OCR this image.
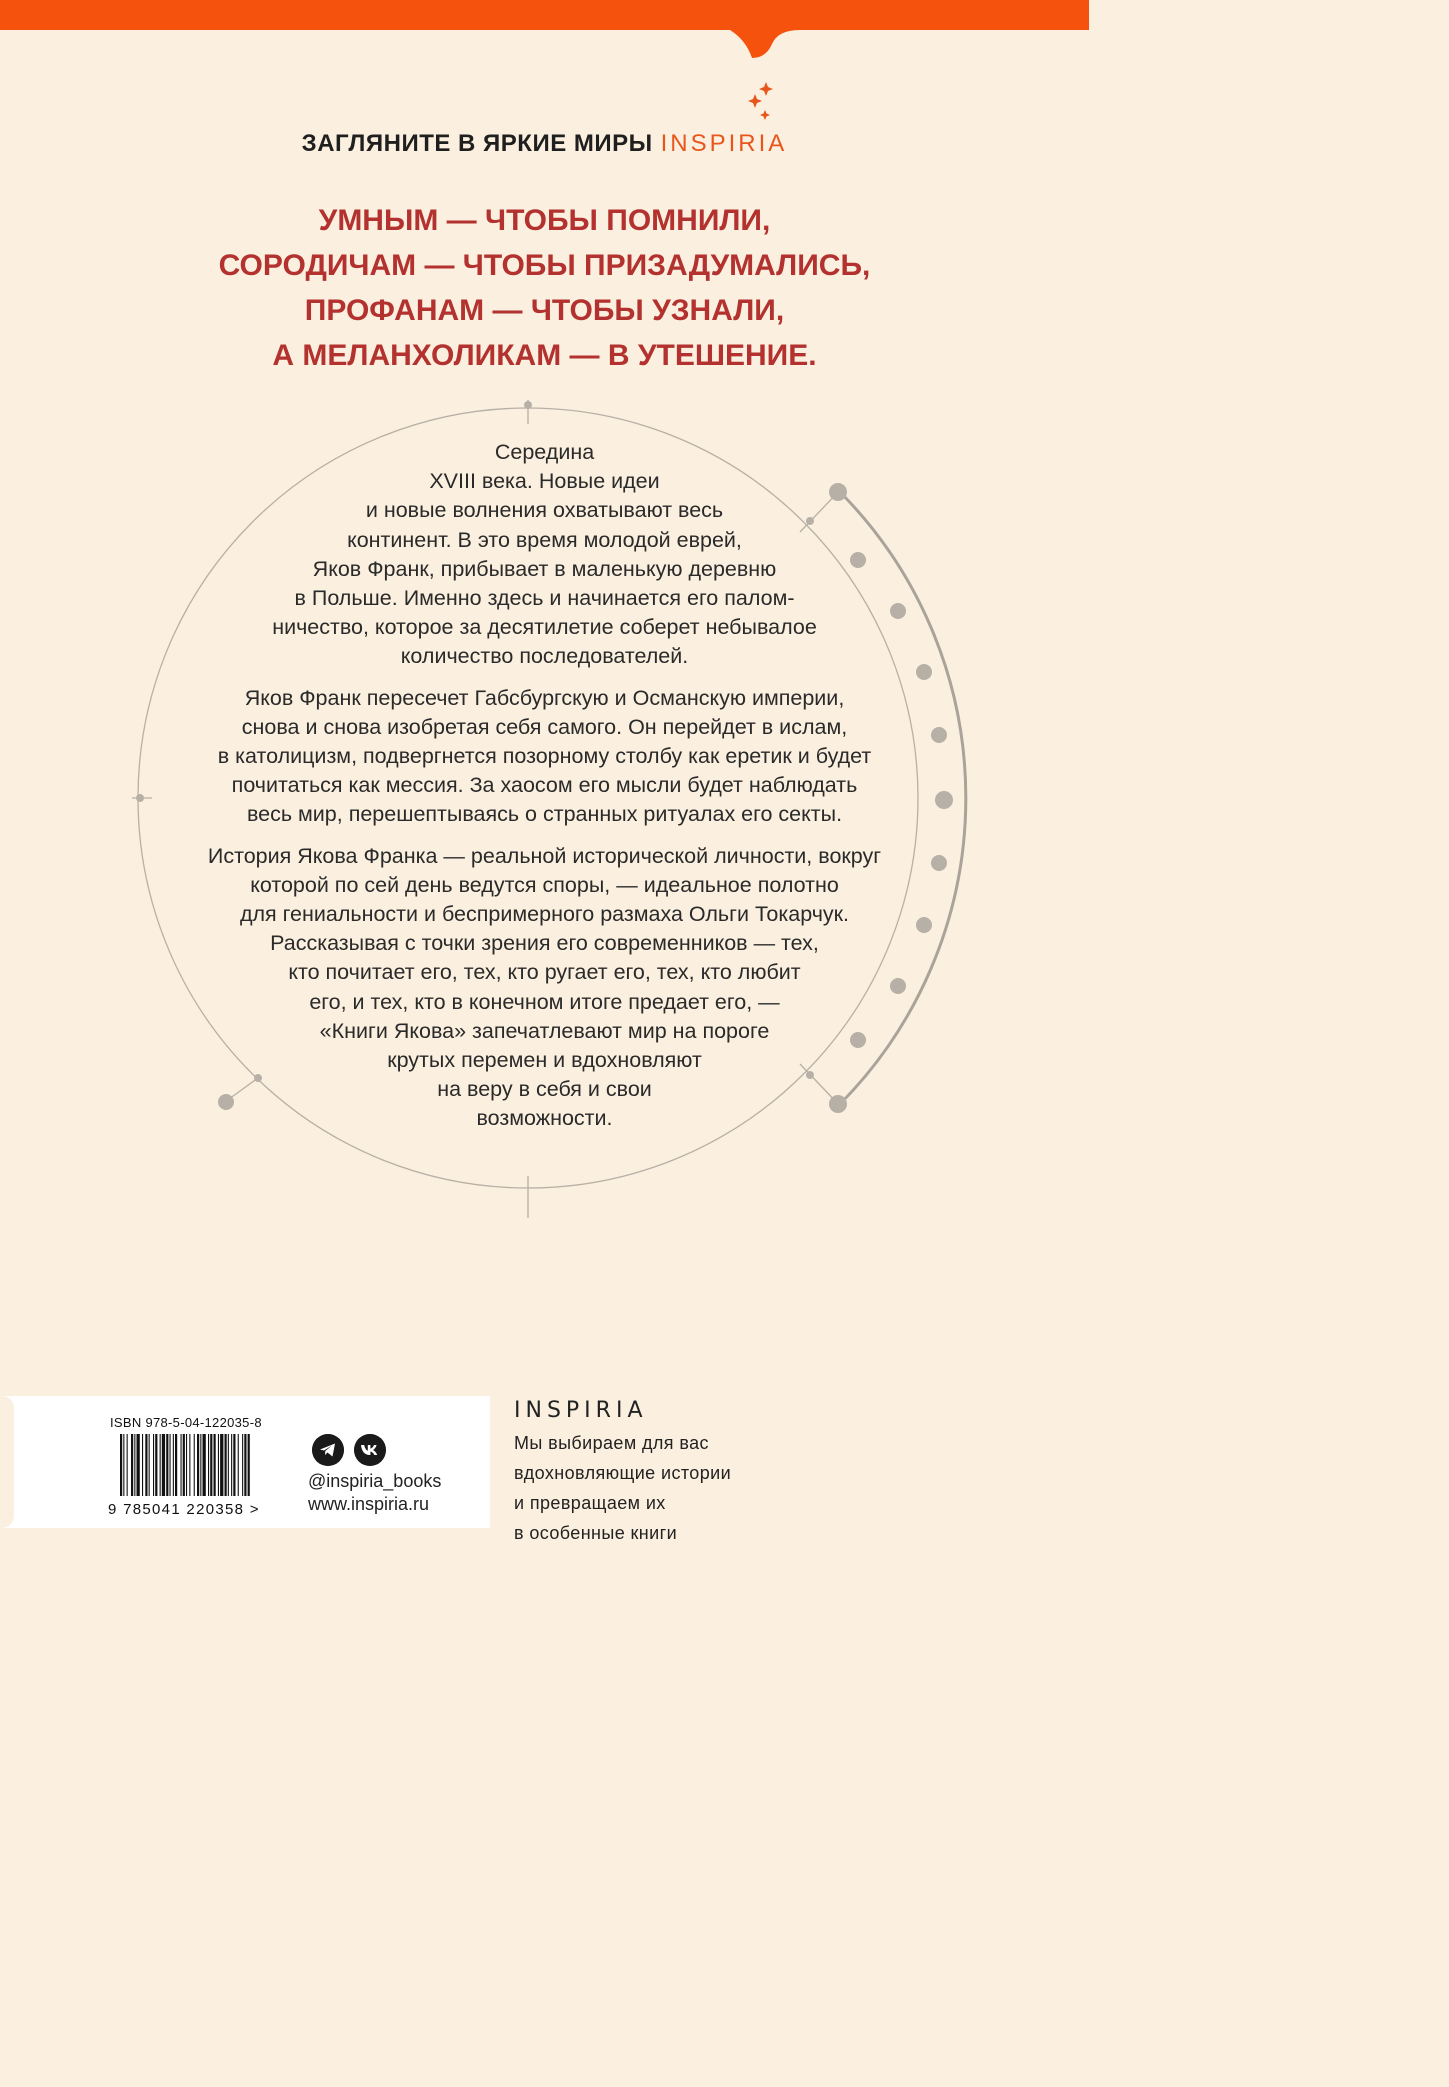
ЗАГЛЯНИТЕ В ЯРКИЕ МИРЫ INSPIRIA
УМНЫМ — ЧТОБЫ ПОМНИЛИ,
СОРОДИЧАМ — ЧТОБЫ ПРИЗАДУМАЛИСЬ,
ПРОФАНАМ — ЧТОБЫ УЗНАЛИ,
А МЕЛАНХОЛИКАМ — В УТЕШЕНИЕ.
Середина
XVIII века. Новые идеи
и новые волнения охватывают весь
континент. В это время молодой еврей,
Яков Франк, прибывает в маленькую деревню
в Польше. Именно здесь и начинается его палом-
ничество, которое за десятилетие соберет небывалое
количество последователей.
Яков Франк пересечет Габсбургскую и Османскую империи,
снова и снова изобретая себя самого. Он перейдет в ислам,
в католицизм, подвергнется позорному столбу как еретик и будет
почитаться как мессия. За хаосом его мысли будет наблюдать
весь мир, перешептываясь о странных ритуалах его секты.
История Якова Франка — реальной исторической личности, вокруг
которой по сей день ведутся споры, — идеальное полотно
для гениальности и беспримерного размаха Ольги Токарчук.
Рассказывая с точки зрения его современников — тех,
кто почитает его, тех, кто ругает его, тех, кто любит
его, и тех, кто в конечном итоге предает его, —
«Книги Якова» запечатлевают мир на пороге
крутых перемен и вдохновляют
на веру в себя и свои
возможности.
ISBN 978-5-04-122035-8
9 785041 220358 >
@inspiria_books
www.inspiria.ru
INSPIRIA
Мы выбираем для вас
вдохновляющие истории
и превращаем их
в особенные книги
